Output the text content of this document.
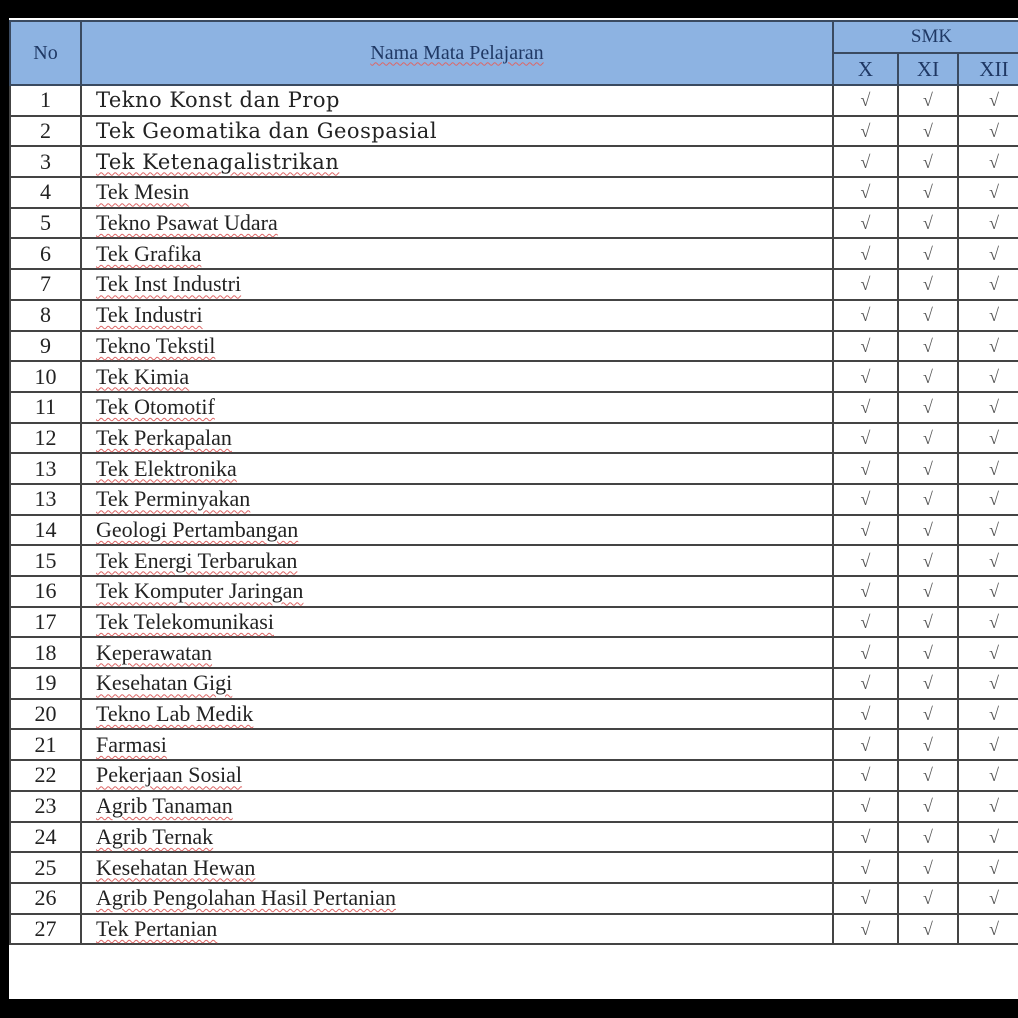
No	Nama Mata Pelajaran	SMK		
		X	XI	XII
1	Tekno Konst dan Prop	√	√	√
2	Tek Geomatika dan Geospasial	√	√	√
3	Tek Ketenagalistrikan	√	√	√
4	Tek Mesin	√	√	√
5	Tekno Psawat Udara	√	√	√
6	Tek Grafika	√	√	√
7	Tek Inst Industri	√	√	√
8	Tek Industri	√	√	√
9	Tekno Tekstil	√	√	√
10	Tek Kimia	√	√	√
11	Tek Otomotif	√	√	√
12	Tek Perkapalan	√	√	√
13	Tek Elektronika	√	√	√
13	Tek Perminyakan	√	√	√
14	Geologi Pertambangan	√	√	√
15	Tek Energi Terbarukan	√	√	√
16	Tek Komputer Jaringan	√	√	√
17	Tek Telekomunikasi	√	√	√
18	Keperawatan	√	√	√
19	Kesehatan Gigi	√	√	√
20	Tekno Lab Medik	√	√	√
21	Farmasi	√	√	√
22	Pekerjaan Sosial	√	√	√
23	Agrib Tanaman	√	√	√
24	Agrib Ternak	√	√	√
25	Kesehatan Hewan	√	√	√
26	Agrib Pengolahan Hasil Pertanian	√	√	√
27	Tek Pertanian	√	√	√
